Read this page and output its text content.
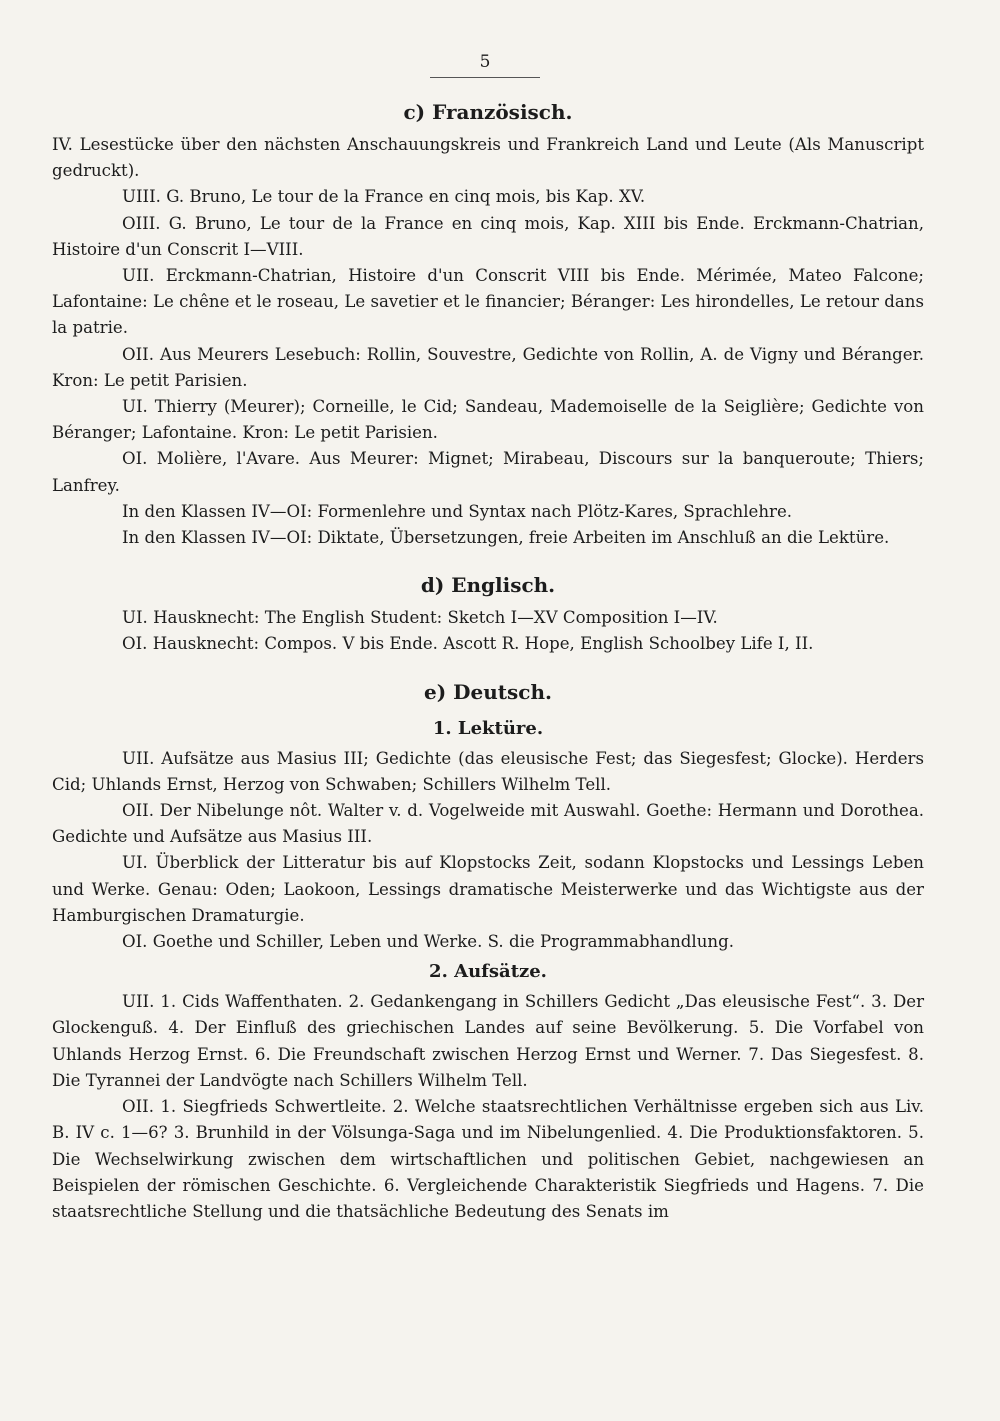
5
c) Französisch.

IV. Lesestücke über den nächsten Anschauungskreis und Frankreich Land und Leute (Als Manuscript gedruckt).

UIII. G. Bruno, Le tour de la France en cinq mois, bis Kap. XV.

OIII. G. Bruno, Le tour de la France en cinq mois, Kap. XIII bis Ende. Erckmann-Chatrian, Histoire d'un Conscrit I—VIII.

UII. Erckmann-Chatrian, Histoire d'un Conscrit VIII bis Ende. Mérimée, Mateo Falcone; Lafontaine: Le chêne et le roseau, Le savetier et le financier; Béranger: Les hirondelles, Le retour dans la patrie.

OII. Aus Meurers Lesebuch: Rollin, Souvestre, Gedichte von Rollin, A. de Vigny und Béranger. Kron: Le petit Parisien.

UI. Thierry (Meurer); Corneille, le Cid; Sandeau, Mademoiselle de la Seiglière; Gedichte von Béranger; Lafontaine. Kron: Le petit Parisien.

OI. Molière, l'Avare. Aus Meurer: Mignet; Mirabeau, Discours sur la banqueroute; Thiers; Lanfrey.

In den Klassen IV—OI: Formenlehre und Syntax nach Plötz-Kares, Sprachlehre.

In den Klassen IV—OI: Diktate, Übersetzungen, freie Arbeiten im Anschluß an die Lektüre.

d) Englisch.

UI. Hausknecht: The English Student: Sketch I—XV Composition I—IV.

OI. Hausknecht: Compos. V bis Ende. Ascott R. Hope, English Schoolbey Life I, II.

e) Deutsch.
1. Lektüre.

UII. Aufsätze aus Masius III; Gedichte (das eleusische Fest; das Siegesfest; Glocke). Herders Cid; Uhlands Ernst, Herzog von Schwaben; Schillers Wilhelm Tell.

OII. Der Nibelunge nôt. Walter v. d. Vogelweide mit Auswahl. Goethe: Hermann und Dorothea. Gedichte und Aufsätze aus Masius III.

UI. Überblick der Litteratur bis auf Klopstocks Zeit, sodann Klopstocks und Lessings Leben und Werke. Genau: Oden; Laokoon, Lessings dramatische Meisterwerke und das Wichtigste aus der Hamburgischen Dramaturgie.

OI. Goethe und Schiller, Leben und Werke. S. die Programmabhandlung.

2. Aufsätze.

UII. 1. Cids Waffenthaten. 2. Gedankengang in Schillers Gedicht „Das eleusische Fest“. 3. Der Glockenguß. 4. Der Einfluß des griechischen Landes auf seine Bevölkerung. 5. Die Vorfabel von Uhlands Herzog Ernst. 6. Die Freundschaft zwischen Herzog Ernst und Werner. 7. Das Siegesfest. 8. Die Tyrannei der Landvögte nach Schillers Wilhelm Tell.

OII. 1. Siegfrieds Schwertleite. 2. Welche staatsrechtlichen Verhältnisse ergeben sich aus Liv. B. IV c. 1—6? 3. Brunhild in der Völsunga-Saga und im Nibelungenlied. 4. Die Produktionsfaktoren. 5. Die Wechselwirkung zwischen dem wirtschaftlichen und politischen Gebiet, nachgewiesen an Beispielen der römischen Geschichte. 6. Vergleichende Charakteristik Siegfrieds und Hagens. 7. Die staatsrechtliche Stellung und die thatsächliche Bedeutung des Senats im
